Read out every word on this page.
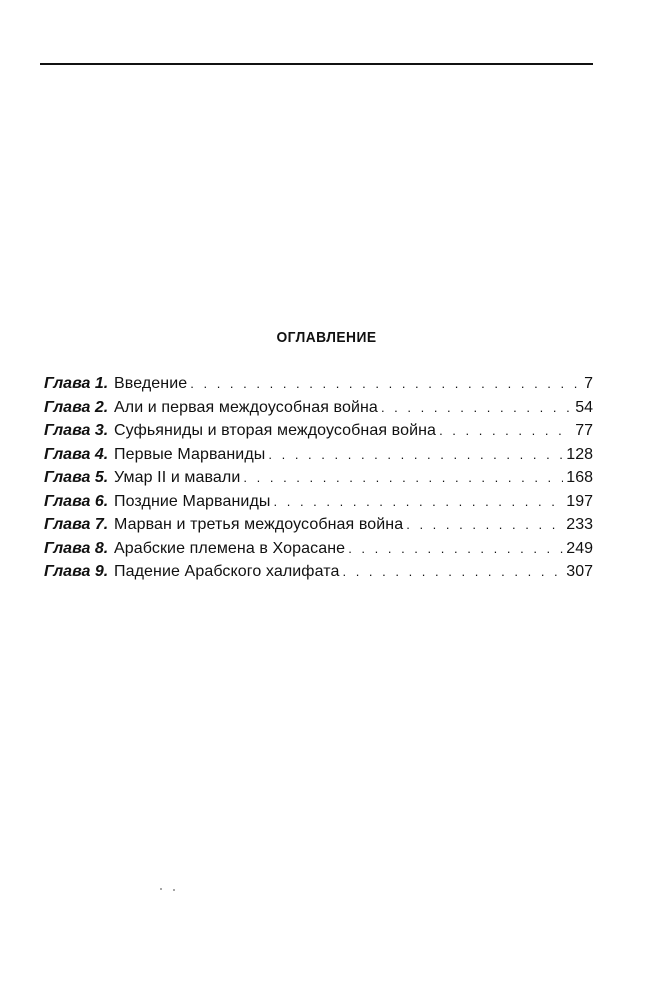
ОГЛАВЛЕНИЕ
Глава 1. Введение . . .	7
Глава 2. Али и первая междоусобная война . . .	54
Глава 3. Суфьяниды и вторая междоусобная война . . .	77
Глава 4. Первые Марваниды . . .	128
Глава 5. Умар II и мавали . . .	168
Глава 6. Поздние Марваниды . . .	197
Глава 7. Марван и третья междоусобная война . . .	233
Глава 8. Арабские племена в Хорасане . . .	249
Глава 9. Падение Арабского халифата . . .	307
